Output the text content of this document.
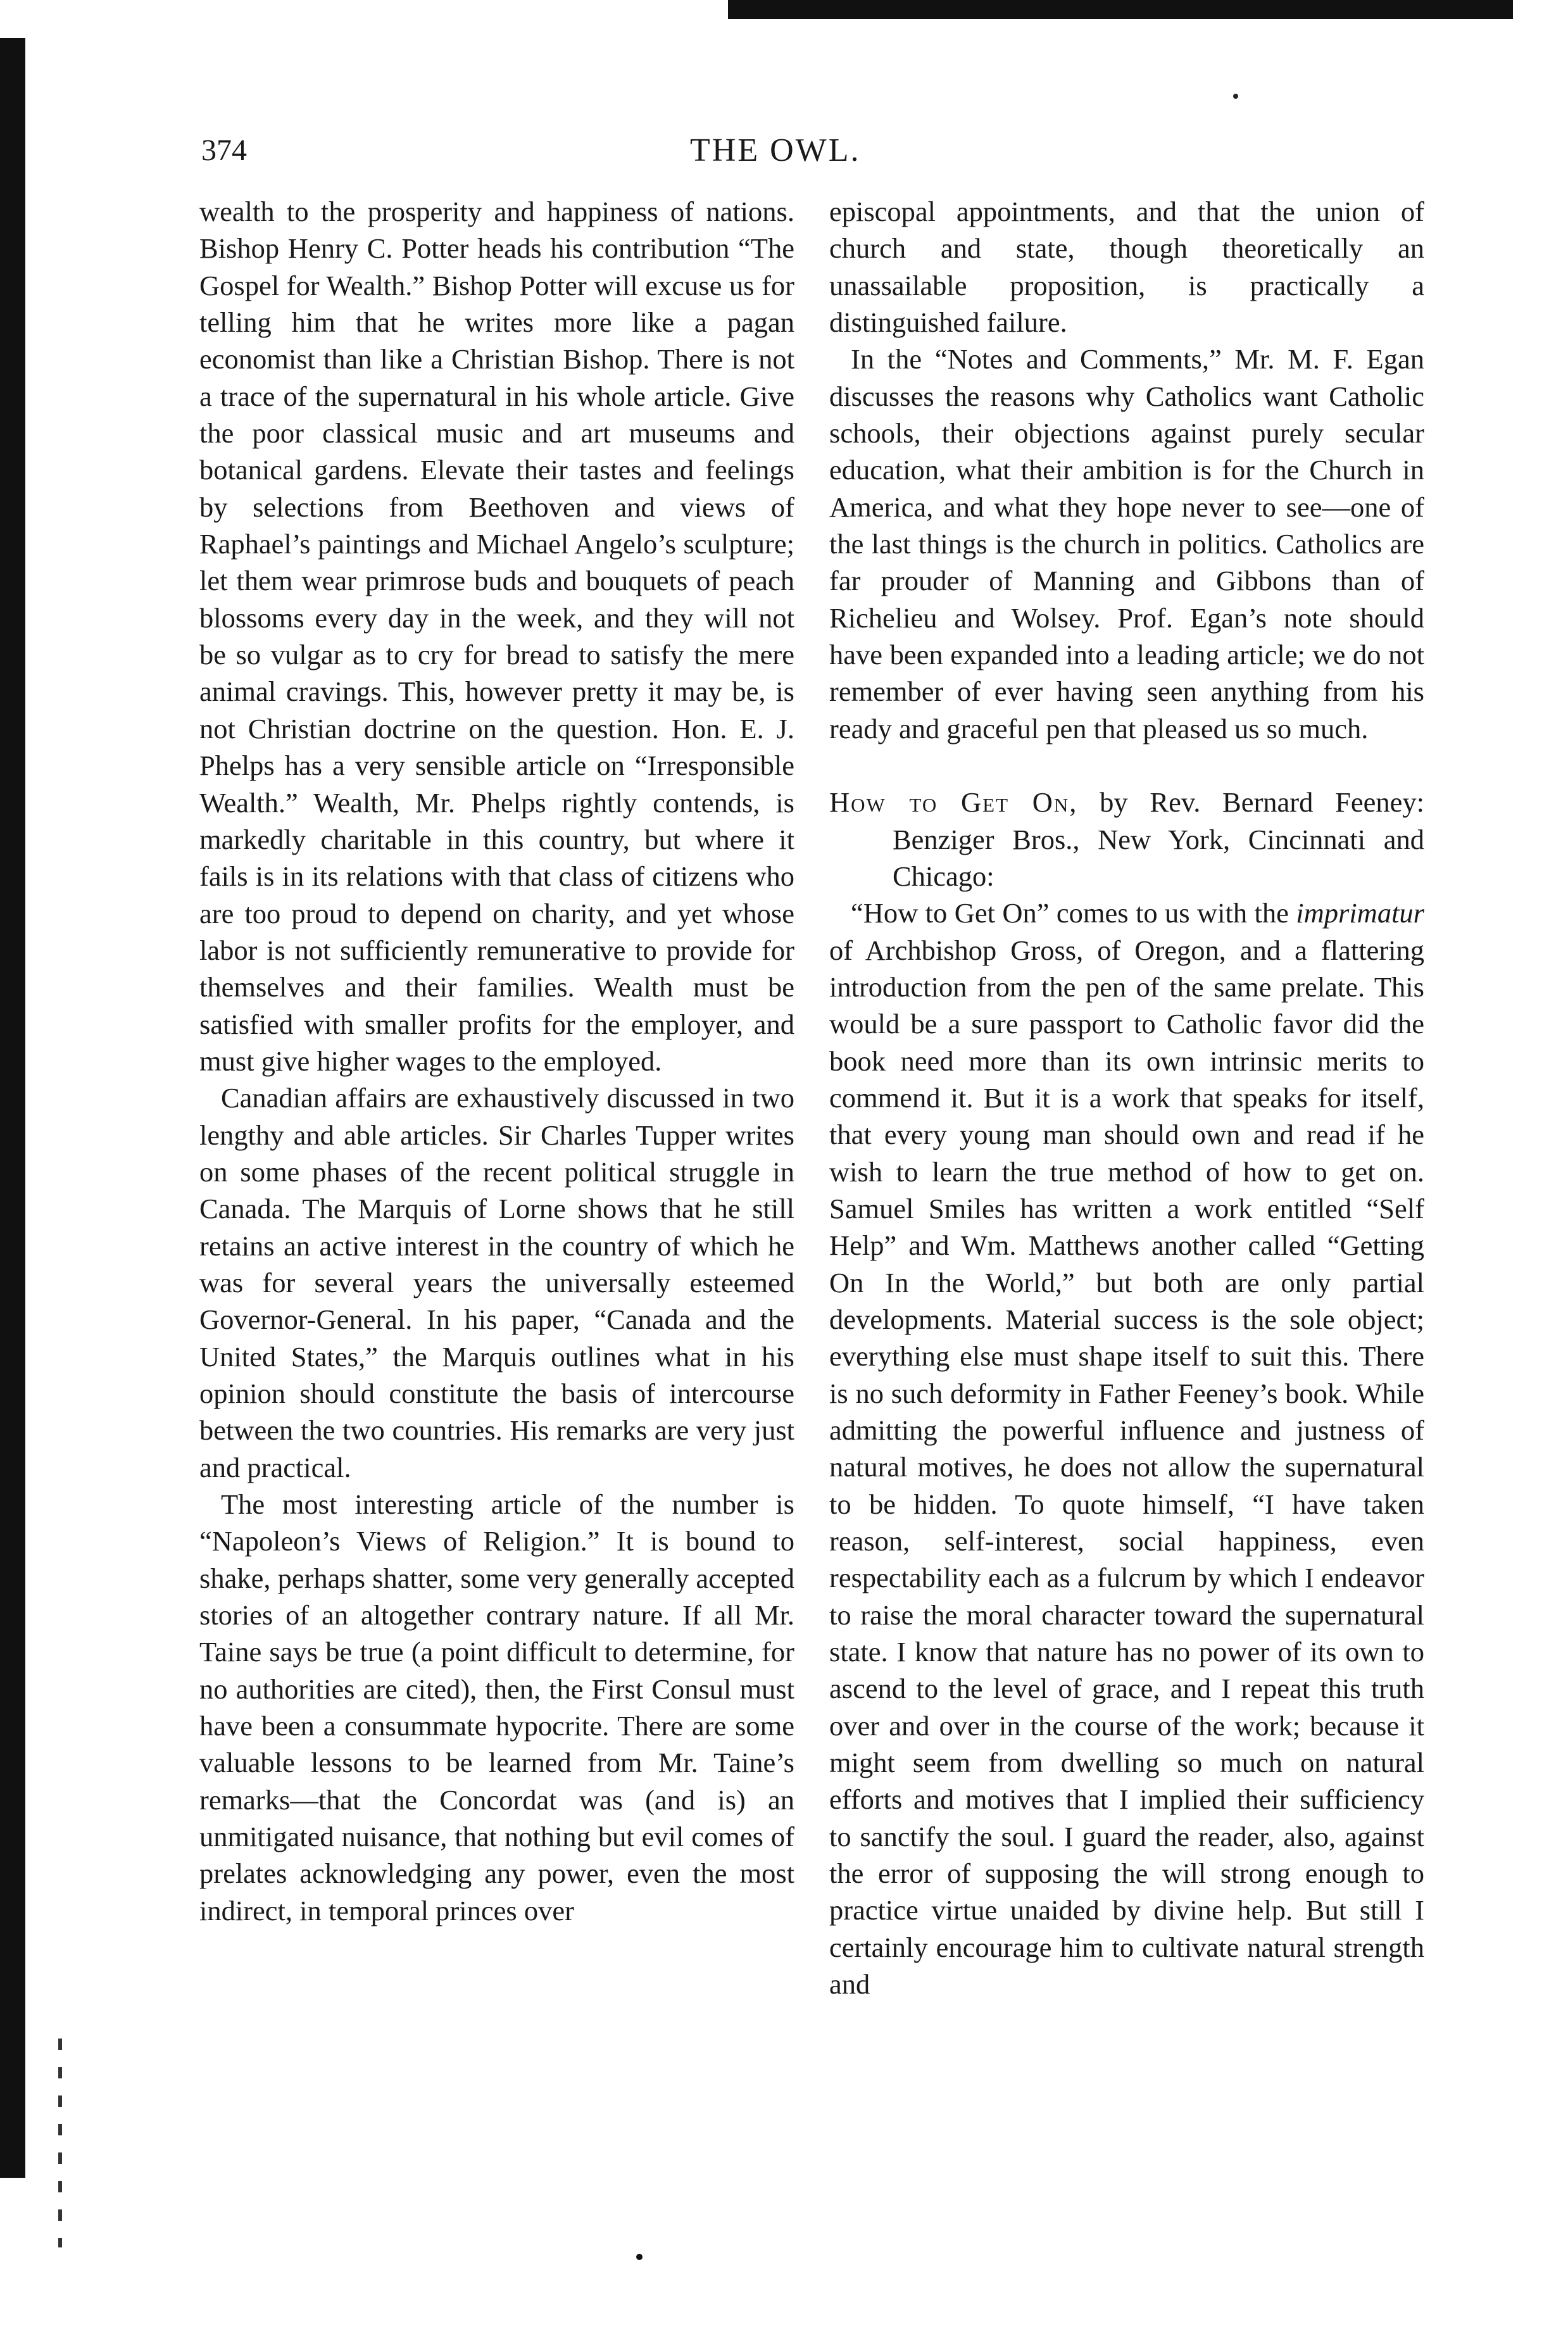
374	THE OWL.

wealth to the prosperity and happiness of nations. Bishop Henry C. Potter heads his contribution “The Gospel for Wealth.” Bishop Potter will excuse us for telling him that he writes more like a pagan economist than like a Christian Bishop. There is not a trace of the supernatural in his whole article. Give the poor classical music and art museums and botanical gardens. Elevate their tastes and feelings by selections from Beethoven and views of Raphael’s paintings and Michael Angelo’s sculpture; let them wear primrose buds and bouquets of peach blossoms every day in the week, and they will not be so vulgar as to cry for bread to satisfy the mere animal cravings. This, however pretty it may be, is not Christian doctrine on the question. Hon. E. J. Phelps has a very sensible article on “Irresponsible Wealth.” Wealth, Mr. Phelps rightly contends, is markedly charitable in this country, but where it fails is in its relations with that class of citizens who are too proud to depend on charity, and yet whose labor is not sufficiently remunerative to provide for themselves and their families. Wealth must be satisfied with smaller profits for the employer, and must give higher wages to the employed.

Canadian affairs are exhaustively discussed in two lengthy and able articles. Sir Charles Tupper writes on some phases of the recent political struggle in Canada. The Marquis of Lorne shows that he still retains an active interest in the country of which he was for several years the universally esteemed Governor-General. In his paper, “Canada and the United States,” the Marquis outlines what in his opinion should constitute the basis of intercourse between the two countries. His remarks are very just and practical.

The most interesting article of the number is “Napoleon’s Views of Religion.” It is bound to shake, perhaps shatter, some very generally accepted stories of an altogether contrary nature. If all Mr. Taine says be true (a point difficult to determine, for no authorities are cited), then, the First Consul must have been a consummate hypocrite. There are some valuable lessons to be learned from Mr. Taine’s remarks—that the Concordat was (and is) an unmitigated nuisance, that nothing but evil comes of prelates acknowledging any power, even the most indirect, in temporal princes over

episcopal appointments, and that the union of church and state, though theoretically an unassailable proposition, is practically a distinguished failure.

In the “Notes and Comments,” Mr. M. F. Egan discusses the reasons why Catholics want Catholic schools, their objections against purely secular education, what their ambition is for the Church in America, and what they hope never to see—one of the last things is the church in politics. Catholics are far prouder of Manning and Gibbons than of Richelieu and Wolsey. Prof. Egan’s note should have been expanded into a leading article; we do not remember of ever having seen anything from his ready and graceful pen that pleased us so much.

How to Get On, by Rev. Bernard Feeney: Benziger Bros., New York, Cincinnati and Chicago:

“How to Get On” comes to us with the imprimatur of Archbishop Gross, of Oregon, and a flattering introduction from the pen of the same prelate. This would be a sure passport to Catholic favor did the book need more than its own intrinsic merits to commend it. But it is a work that speaks for itself, that every young man should own and read if he wish to learn the true method of how to get on. Samuel Smiles has written a work entitled “Self Help” and Wm. Matthews another called “Getting On In the World,” but both are only partial developments. Material success is the sole object; everything else must shape itself to suit this. There is no such deformity in Father Feeney’s book. While admitting the powerful influence and justness of natural motives, he does not allow the supernatural to be hidden. To quote himself, “I have taken reason, self-interest, social happiness, even respectability each as a fulcrum by which I endeavor to raise the moral character toward the supernatural state. I know that nature has no power of its own to ascend to the level of grace, and I repeat this truth over and over in the course of the work; because it might seem from dwelling so much on natural efforts and motives that I implied their sufficiency to sanctify the soul. I guard the reader, also, against the error of supposing the will strong enough to practice virtue unaided by divine help. But still I certainly encourage him to cultivate natural strength and
